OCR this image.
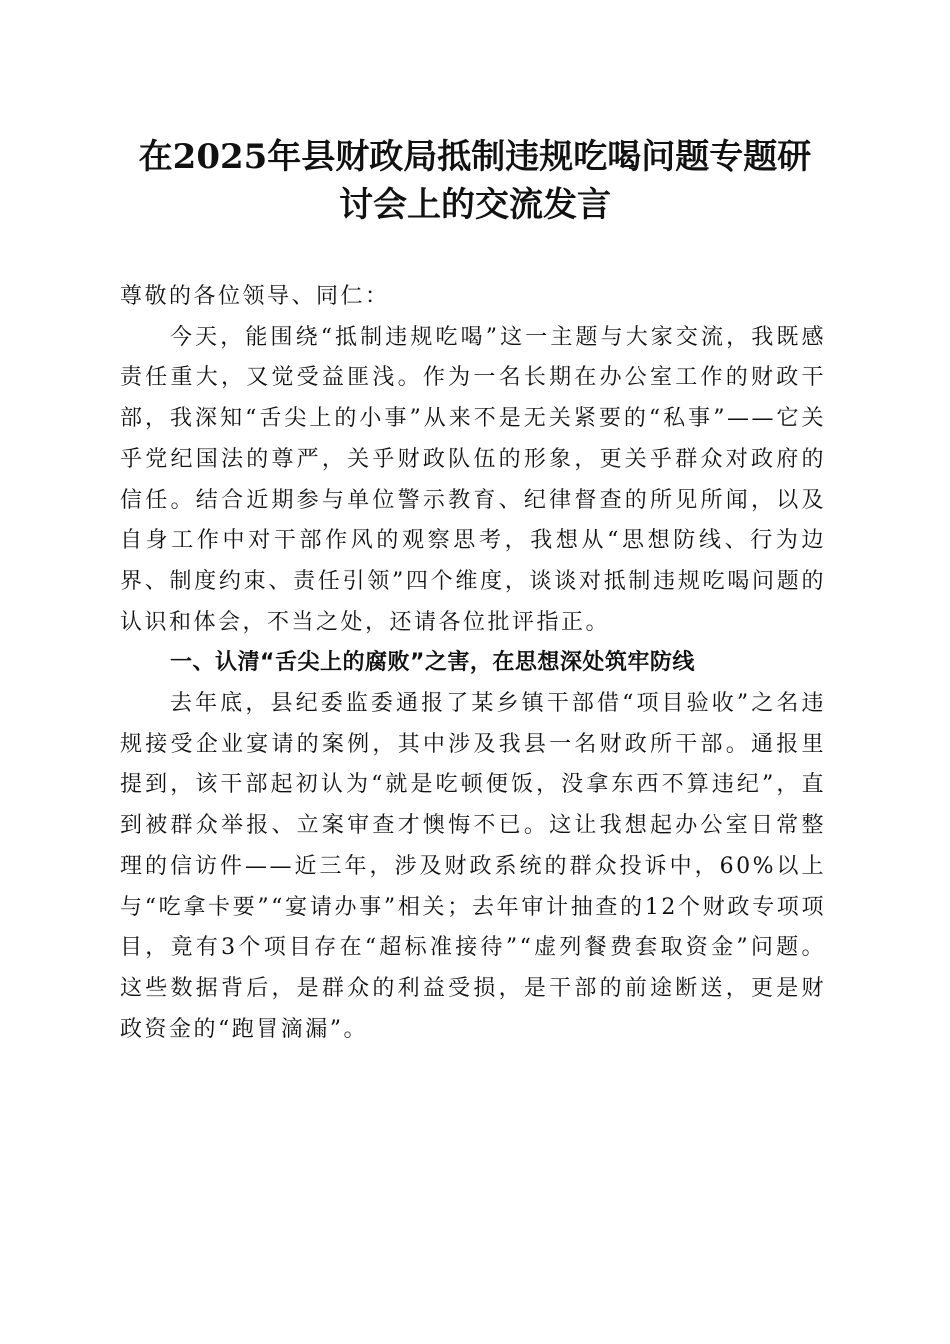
在2025年县财政局抵制违规吃喝问题专题研
讨会上的交流发言

尊敬的各位领导、同仁：

今天，能围绕“抵制违规吃喝”这一主题与大家交流，我既感责任重大，又觉受益匪浅。作为一名长期在办公室工作的财政干部，我深知“舌尖上的小事”从来不是无关紧要的“私事”——它关乎党纪国法的尊严，关乎财政队伍的形象，更关乎群众对政府的信任。结合近期参与单位警示教育、纪律督查的所见所闻，以及自身工作中对干部作风的观察思考，我想从“思想防线、行为边界、制度约束、责任引领”四个维度，谈谈对抵制违规吃喝问题的认识和体会，不当之处，还请各位批评指正。

一、认清“舌尖上的腐败”之害，在思想深处筑牢防线

去年底，县纪委监委通报了某乡镇干部借“项目验收”之名违规接受企业宴请的案例，其中涉及我县一名财政所干部。通报里提到，该干部起初认为“就是吃顿便饭，没拿东西不算违纪”，直到被群众举报、立案审查才懊悔不已。这让我想起办公室日常整理的信访件——近三年，涉及财政系统的群众投诉中，60%以上与“吃拿卡要”“宴请办事”相关；去年审计抽查的12个财政专项项目，竟有3个项目存在“超标准接待”“虚列餐费套取资金”问题。这些数据背后，是群众的利益受损，是干部的前途断送，更是财政资金的“跑冒滴漏”。
